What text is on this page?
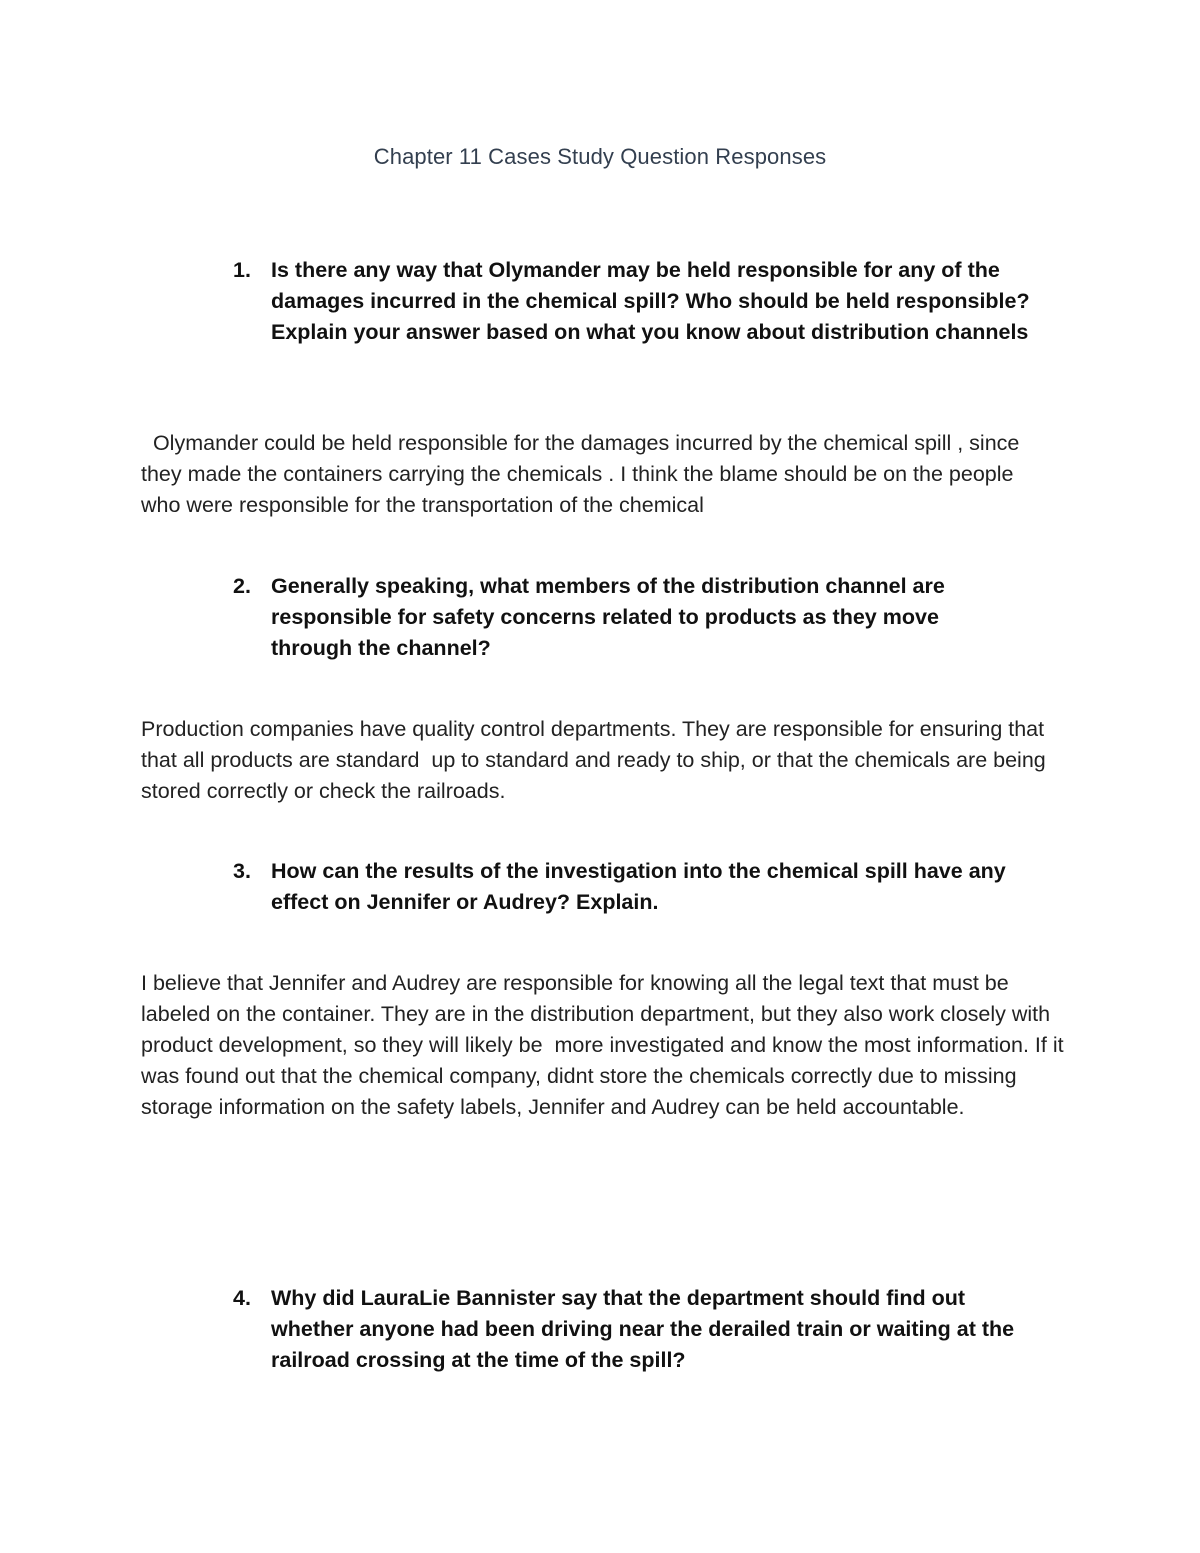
Chapter 11 Cases Study Question Responses
1. Is there any way that Olymander may be held responsible for any of the damages incurred in the chemical spill? Who should be held responsible? Explain your answer based on what you know about distribution channels

Olymander could be held responsible for the damages incurred by the chemical spill , since they made the containers carrying the chemicals . I think the blame should be on the people who were responsible for the transportation of the chemical

2. Generally speaking, what members of the distribution channel are responsible for safety concerns related to products as they move through the channel?

Production companies have quality control departments. They are responsible for ensuring that that all products are standard  up to standard and ready to ship, or that the chemicals are being stored correctly or check the railroads.

3. How can the results of the investigation into the chemical spill have any effect on Jennifer or Audrey? Explain.

I believe that Jennifer and Audrey are responsible for knowing all the legal text that must be labeled on the container. They are in the distribution department, but they also work closely with product development, so they will likely be  more investigated and know the most information. If it was found out that the chemical company, didnt store the chemicals correctly due to missing storage information on the safety labels, Jennifer and Audrey can be held accountable.

4. Why did LauraLie Bannister say that the department should find out whether anyone had been driving near the derailed train or waiting at the railroad crossing at the time of the spill?
